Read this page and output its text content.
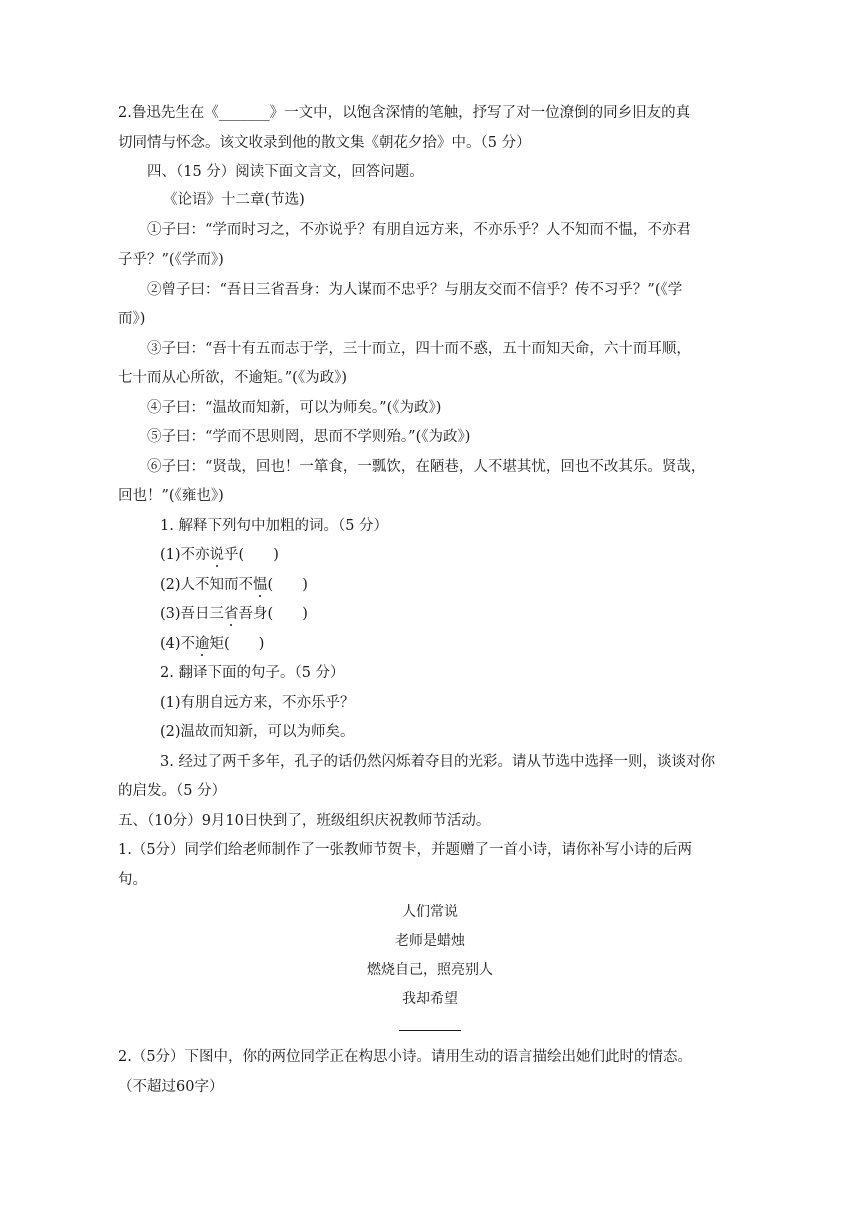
2.鲁迅先生在《_______》一文中，以饱含深情的笔触，抒写了对一位潦倒的同乡旧友的真
切同情与怀念。该文收录到他的散文集《朝花夕拾》中。（5 分）
四、（15 分）阅读下面文言文，回答问题。
《论语》十二章(节选)
①子曰：“学而时习之，不亦说乎？有朋自远方来，不亦乐乎？人不知而不愠，不亦君
子乎？”(《学而》)
②曾子曰：“吾日三省吾身：为人谋而不忠乎？与朋友交而不信乎？传不习乎？”(《学
而》)
③子曰：“吾十有五而志于学，三十而立，四十而不惑，五十而知天命，六十而耳顺，
七十而从心所欲，不逾矩。”(《为政》)
④子曰：“温故而知新，可以为师矣。”(《为政》)
⑤子曰：“学而不思则罔，思而不学则殆。”(《为政》)
⑥子曰：“贤哉，回也！一箪食，一瓢饮，在陋巷，人不堪其忧，回也不改其乐。贤哉，
回也！”(《雍也》)
1. 解释下列句中加粗的词。（5 分）
(1)不亦说乎(　　)
(2)人不知而不愠(　　)
(3)吾日三省吾身(　　)
(4)不逾矩(　　)
2. 翻译下面的句子。（5 分）
(1)有朋自远方来，不亦乐乎？
(2)温故而知新，可以为师矣。
3. 经过了两千多年，孔子的话仍然闪烁着夺目的光彩。请从节选中选择一则，谈谈对你
的启发。（5 分）
五、（10分）9月10日快到了，班级组织庆祝教师节活动。
1.（5分）同学们给老师制作了一张教师节贺卡，并题赠了一首小诗，请你补写小诗的后两
句。
人们常说
老师是蜡烛
燃烧自己，照亮别人
我却希望
2.（5分）下图中，你的两位同学正在构思小诗。请用生动的语言描绘出她们此时的情态。
（不超过60字）
